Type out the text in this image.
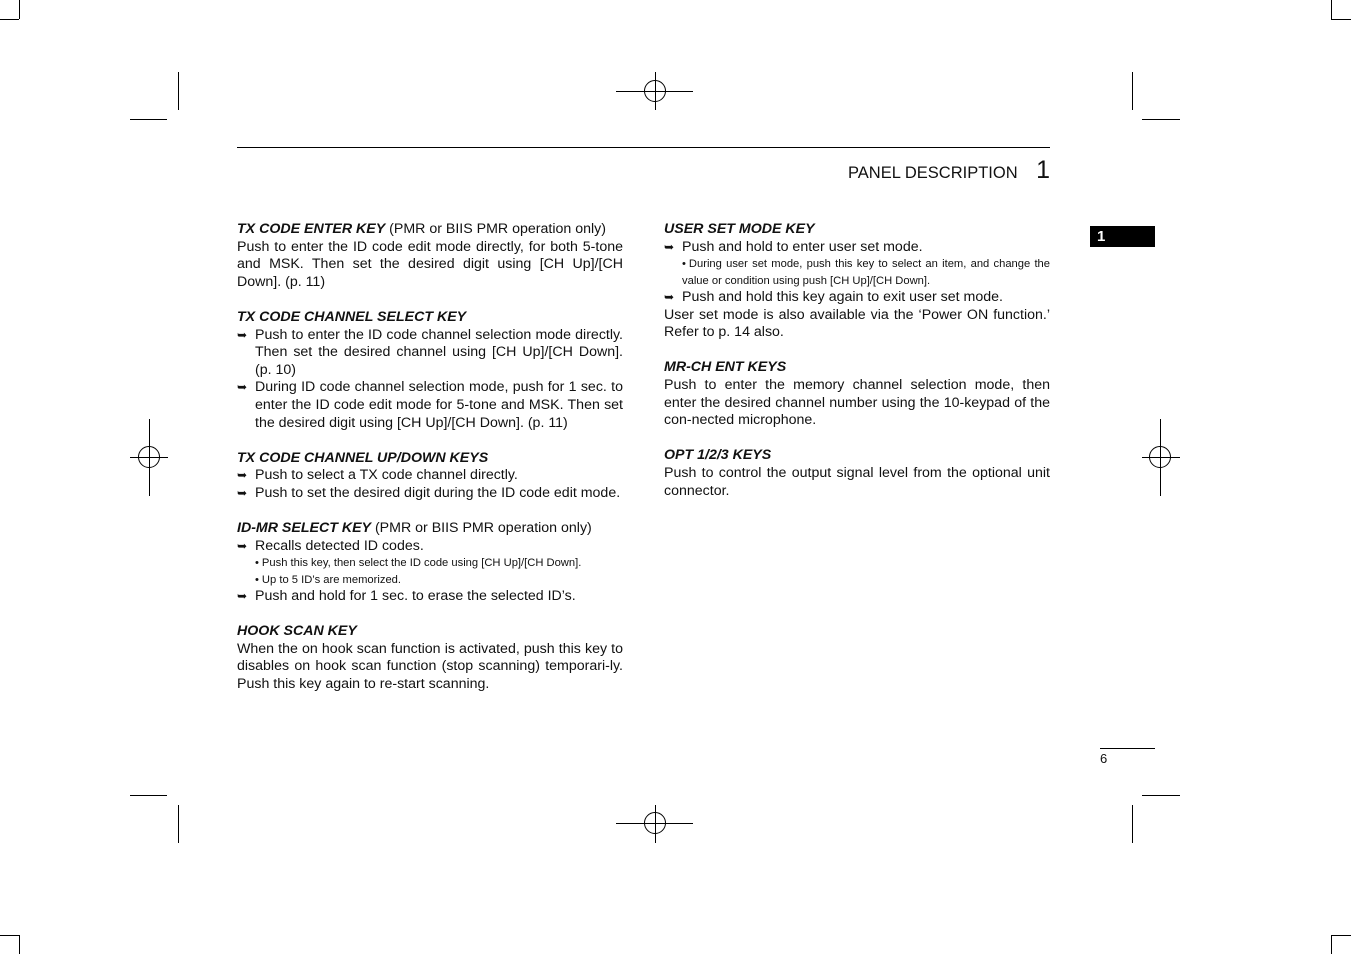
PANEL DESCRIPTION 1
1
6
TX CODE ENTER KEY (PMR or BIIS PMR operation only)
Push to enter the ID code edit mode directly, for both 5-tone and MSK. Then set the desired digit using [CH Up]/[CH Down]. (p. 11)
TX CODE CHANNEL SELECT KEY
➥ Push to enter the ID code channel selection mode directly. Then set the desired channel using [CH Up]/[CH Down]. (p. 10)
➥ During ID code channel selection mode, push for 1 sec. to enter the ID code edit mode for 5-tone and MSK. Then set the desired digit using [CH Up]/[CH Down]. (p. 11)
TX CODE CHANNEL UP/DOWN KEYS
➥ Push to select a TX code channel directly.
➥ Push to set the desired digit during the ID code edit mode.
ID-MR SELECT KEY (PMR or BIIS PMR operation only)
➥ Recalls detected ID codes.
• Push this key, then select the ID code using [CH Up]/[CH Down].
• Up to 5 ID’s are memorized.
➥ Push and hold for 1 sec. to erase the selected ID’s.
HOOK SCAN KEY
When the on hook scan function is activated, push this key to disables on hook scan function (stop scanning) temporari-ly. Push this key again to re-start scanning.
USER SET MODE KEY
➥ Push and hold to enter user set mode.
• During user set mode, push this key to select an item, and change the value or condition using push [CH Up]/[CH Down].
➥ Push and hold this key again to exit user set mode.
User set mode is also available via the ‘Power ON function.’ Refer to p. 14 also.
MR-CH ENT KEYS
Push to enter the memory channel selection mode, then enter the desired channel number using the 10-keypad of the con-nected microphone.
OPT 1/2/3 KEYS
Push to control the output signal level from the optional unit connector.
